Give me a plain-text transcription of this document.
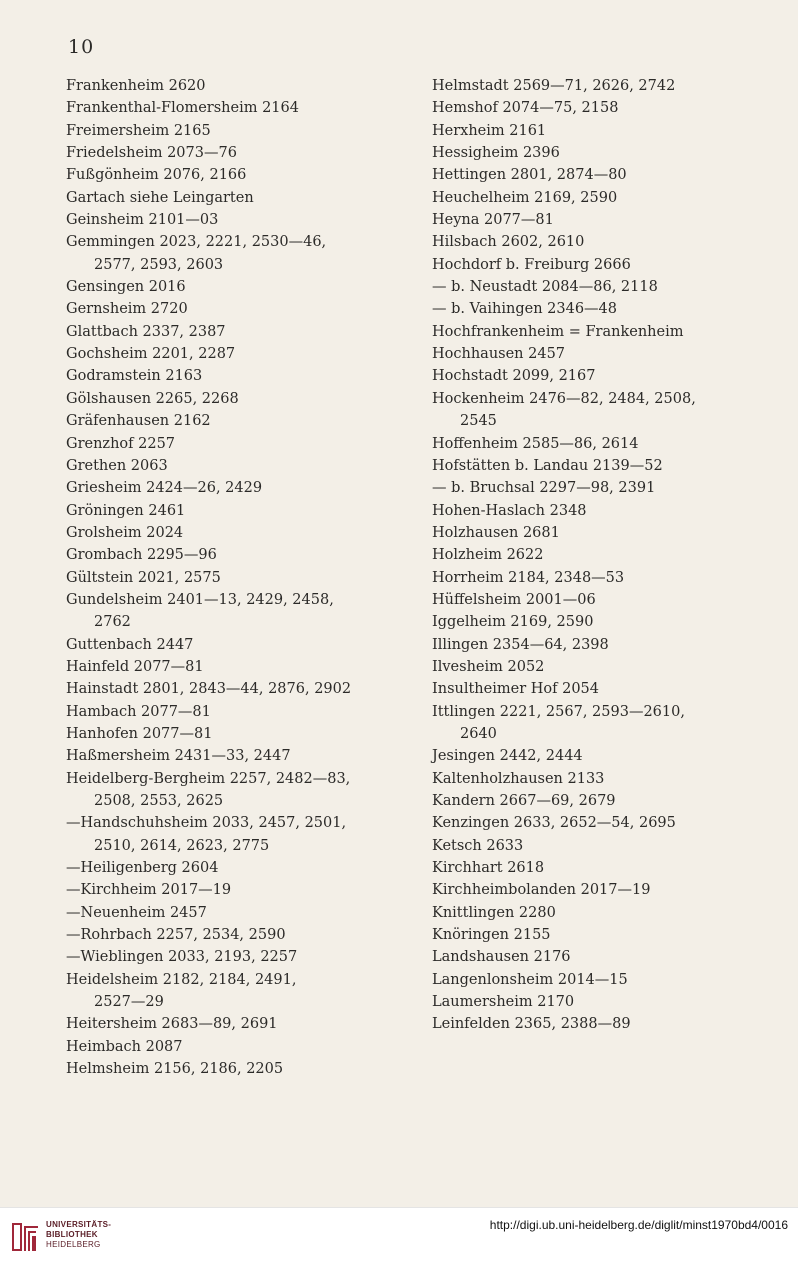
10
Frankenheim 2620
Frankenthal-Flomersheim 2164
Freimersheim 2165
Friedelsheim 2073—76
Fußgönheim 2076, 2166
Gartach siehe Leingarten
Geinsheim 2101—03
Gemmingen 2023, 2221, 2530—46,
2577, 2593, 2603
Gensingen 2016
Gernsheim 2720
Glattbach 2337, 2387
Gochsheim 2201, 2287
Godramstein 2163
Gölshausen 2265, 2268
Gräfenhausen 2162
Grenzhof 2257
Grethen 2063
Griesheim 2424—26, 2429
Gröningen 2461
Grolsheim 2024
Grombach 2295—96
Gültstein 2021, 2575
Gundelsheim 2401—13, 2429, 2458,
2762
Guttenbach 2447
Hainfeld 2077—81
Hainstadt 2801, 2843—44, 2876, 2902
Hambach 2077—81
Hanhofen 2077—81
Haßmersheim 2431—33, 2447
Heidelberg-Bergheim 2257, 2482—83,
2508, 2553, 2625
—Handschuhsheim 2033, 2457, 2501,
2510, 2614, 2623, 2775
—Heiligenberg 2604
—Kirchheim 2017—19
—Neuenheim 2457
—Rohrbach 2257, 2534, 2590
—Wieblingen 2033, 2193, 2257
Heidelsheim 2182, 2184, 2491,
2527—29
Heitersheim 2683—89, 2691
Heimbach 2087
Helmsheim 2156, 2186, 2205
Helmstadt 2569—71, 2626, 2742
Hemshof 2074—75, 2158
Herxheim 2161
Hessigheim 2396
Hettingen 2801, 2874—80
Heuchelheim 2169, 2590
Heyna 2077—81
Hilsbach 2602, 2610
Hochdorf b. Freiburg 2666
— b. Neustadt 2084—86, 2118
— b. Vaihingen 2346—48
Hochfrankenheim = Frankenheim
Hochhausen 2457
Hochstadt 2099, 2167
Hockenheim 2476—82, 2484, 2508,
2545
Hoffenheim 2585—86, 2614
Hofstätten b. Landau 2139—52
— b. Bruchsal 2297—98, 2391
Hohen-Haslach 2348
Holzhausen 2681
Holzheim 2622
Horrheim 2184, 2348—53
Hüffelsheim 2001—06
Iggelheim 2169, 2590
Illingen 2354—64, 2398
Ilvesheim 2052
Insultheimer Hof 2054
Ittlingen 2221, 2567, 2593—2610,
2640
Jesingen 2442, 2444
Kaltenholzhausen 2133
Kandern 2667—69, 2679
Kenzingen 2633, 2652—54, 2695
Ketsch 2633
Kirchhart 2618
Kirchheimbolanden 2017—19
Knittlingen 2280
Knöringen 2155
Landshausen 2176
Langenlonsheim 2014—15
Laumersheim 2170
Leinfelden 2365, 2388—89
UNIVERSITÄTS-
BIBLIOTHEK
HEIDELBERG
http://digi.ub.uni-heidelberg.de/diglit/minst1970bd4/0016
